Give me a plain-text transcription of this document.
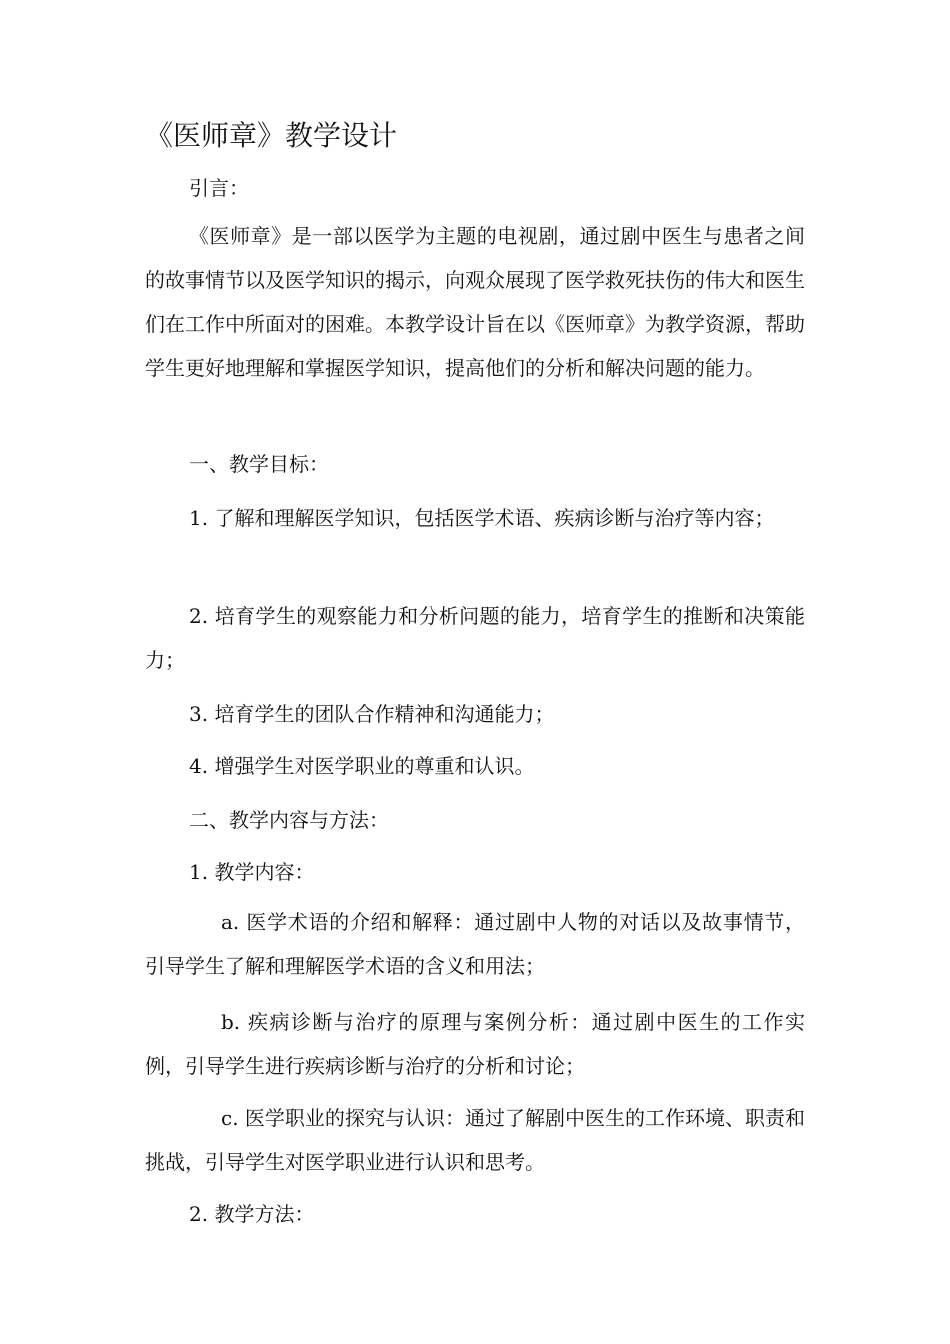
《医师章》教学设计

引言：

《医师章》是一部以医学为主题的电视剧，通过剧中医生与患者之间的故事情节以及医学知识的揭示，向观众展现了医学救死扶伤的伟大和医生们在工作中所面对的困难。本教学设计旨在以《医师章》为教学资源，帮助学生更好地理解和掌握医学知识，提高他们的分析和解决问题的能力。

一、教学目标：

1. 了解和理解医学知识，包括医学术语、疾病诊断与治疗等内容；

2. 培育学生的观察能力和分析问题的能力，培育学生的推断和决策能力；

3. 培育学生的团队合作精神和沟通能力；

4. 增强学生对医学职业的尊重和认识。

二、教学内容与方法：

1. 教学内容：

a. 医学术语的介绍和解释：通过剧中人物的对话以及故事情节，引导学生了解和理解医学术语的含义和用法；

b. 疾病诊断与治疗的原理与案例分析：通过剧中医生的工作实例，引导学生进行疾病诊断与治疗的分析和讨论；

c. 医学职业的探究与认识：通过了解剧中医生的工作环境、职责和挑战，引导学生对医学职业进行认识和思考。

2. 教学方法：
